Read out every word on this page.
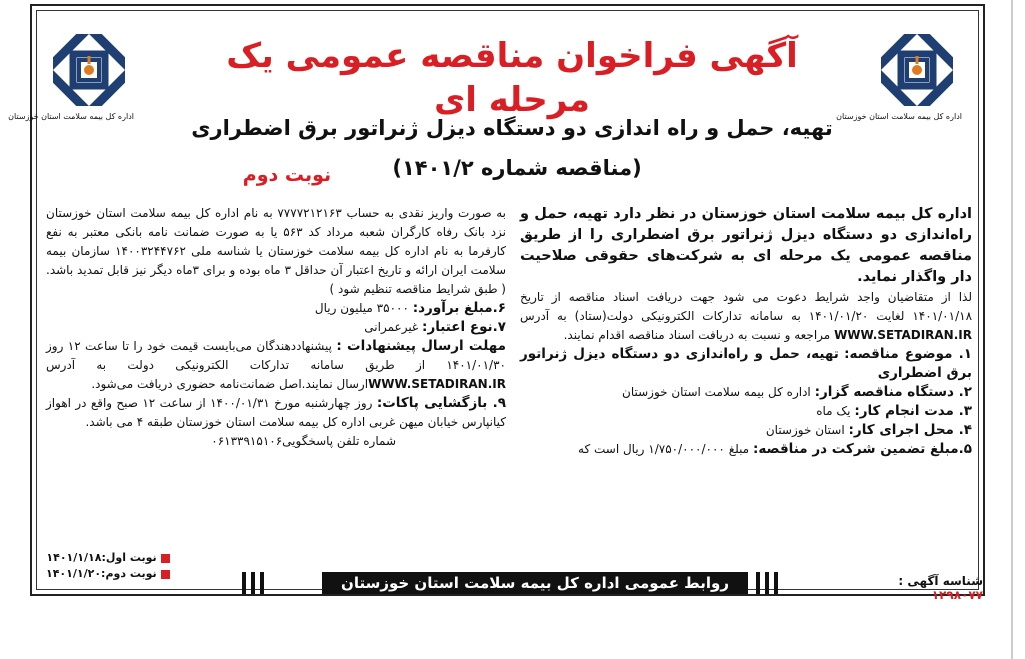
اداره کل بیمه سلامت استان خوزستان
اداره کل بیمه سلامت استان خوزستان
آگهی فراخوان مناقصه عمومی یک مرحله ای
تهیه، حمل و راه اندازی دو دستگاه دیزل ژنراتور برق اضطراری
(مناقصه شماره ۱۴۰۱/۲)
نوبت دوم

اداره کل بیمه سلامت استان خوزستان در نظر دارد تهیه، حمل و راه‌اندازی دو دستگاه دیزل ژنراتور برق اضطراری را از طریق مناقصه عمومی یک مرحله ای به شرکت‌های حقوقی صلاحیت دار واگذار نماید.

لذا از متقاضیان واجد شرایط دعوت می شود جهت دریافت اسناد مناقصه از تاریخ ۱۴۰۱/۰۱/۱۸ لغایت ۱۴۰۱/۰۱/۲۰ به سامانه تدارکات الکترونیکی دولت(ستاد) به آدرس WWW.SETADIRAN.IR مراجعه و نسبت به دریافت اسناد مناقصه اقدام نمایند.

۱. موضوع مناقصه: تهیه، حمل و راه‌اندازی دو دستگاه دیزل ژنراتور برق اضطراری

۲. دستگاه مناقصه گزار: اداره کل بیمه سلامت استان خوزستان

۳. مدت انجام کار: یک ماه

۴. محل اجرای کار: استان خوزستان

۵.مبلغ تضمین شرکت در مناقصه: مبلغ ۱/۷۵۰/۰۰۰/۰۰۰ ریال است که

به صورت واریز نقدی به حساب ۷۷۷۷۲۱۲۱۶۳ به نام اداره کل بیمه سلامت استان خوزستان نزد بانک رفاه کارگران شعبه مرداد کد ۵۶۳ یا به صورت ضمانت نامه بانکی معتبر به نفع کارفرما به نام اداره کل بیمه سلامت خوزستان یا شناسه ملی ۱۴۰۰۳۲۴۴۷۶۲ سازمان بیمه سلامت ایران ارائه و تاریخ اعتبار آن حداقل ۳ ماه بوده و برای ۳ماه دیگر نیز قابل تمدید باشد.( طبق شرایط مناقصه تنظیم شود )

۶.مبلغ برآورد: ۳۵۰۰۰ میلیون ریال

۷.نوع اعتبار: غیرعمرانی

مهلت ارسال پیشنهادات : پیشنهاددهندگان می‌بایست قیمت خود را تا ساعت ۱۲ روز ۱۴۰۱/۰۱/۳۰ از طریق سامانه تدارکات الکترونیکی دولت به آدرس WWW.SETADIRAN.IRارسال نمایند.اصل ضمانت‌نامه حضوری دریافت می‌شود.

۹. بازگشایی پاکات: روز چهارشنبه مورخ ۱۴۰۰/۰۱/۳۱ از ساعت ۱۲ صبح واقع در اهواز کیانپارس خیابان میهن غربی اداره کل بیمه سلامت استان خوزستان طبقه ۴ می باشد.

شماره تلفن پاسخگویی۰۶۱۳۳۹۱۵۱۰۶

نوبت اول:۱۴۰۱/۱/۱۸
نوبت دوم:۱۴۰۱/۱/۲۰
روابط عمومی اداره کل بیمه سلامت استان خوزستان	شناسه آگهی : ۱۲۹۸۰۷۷
